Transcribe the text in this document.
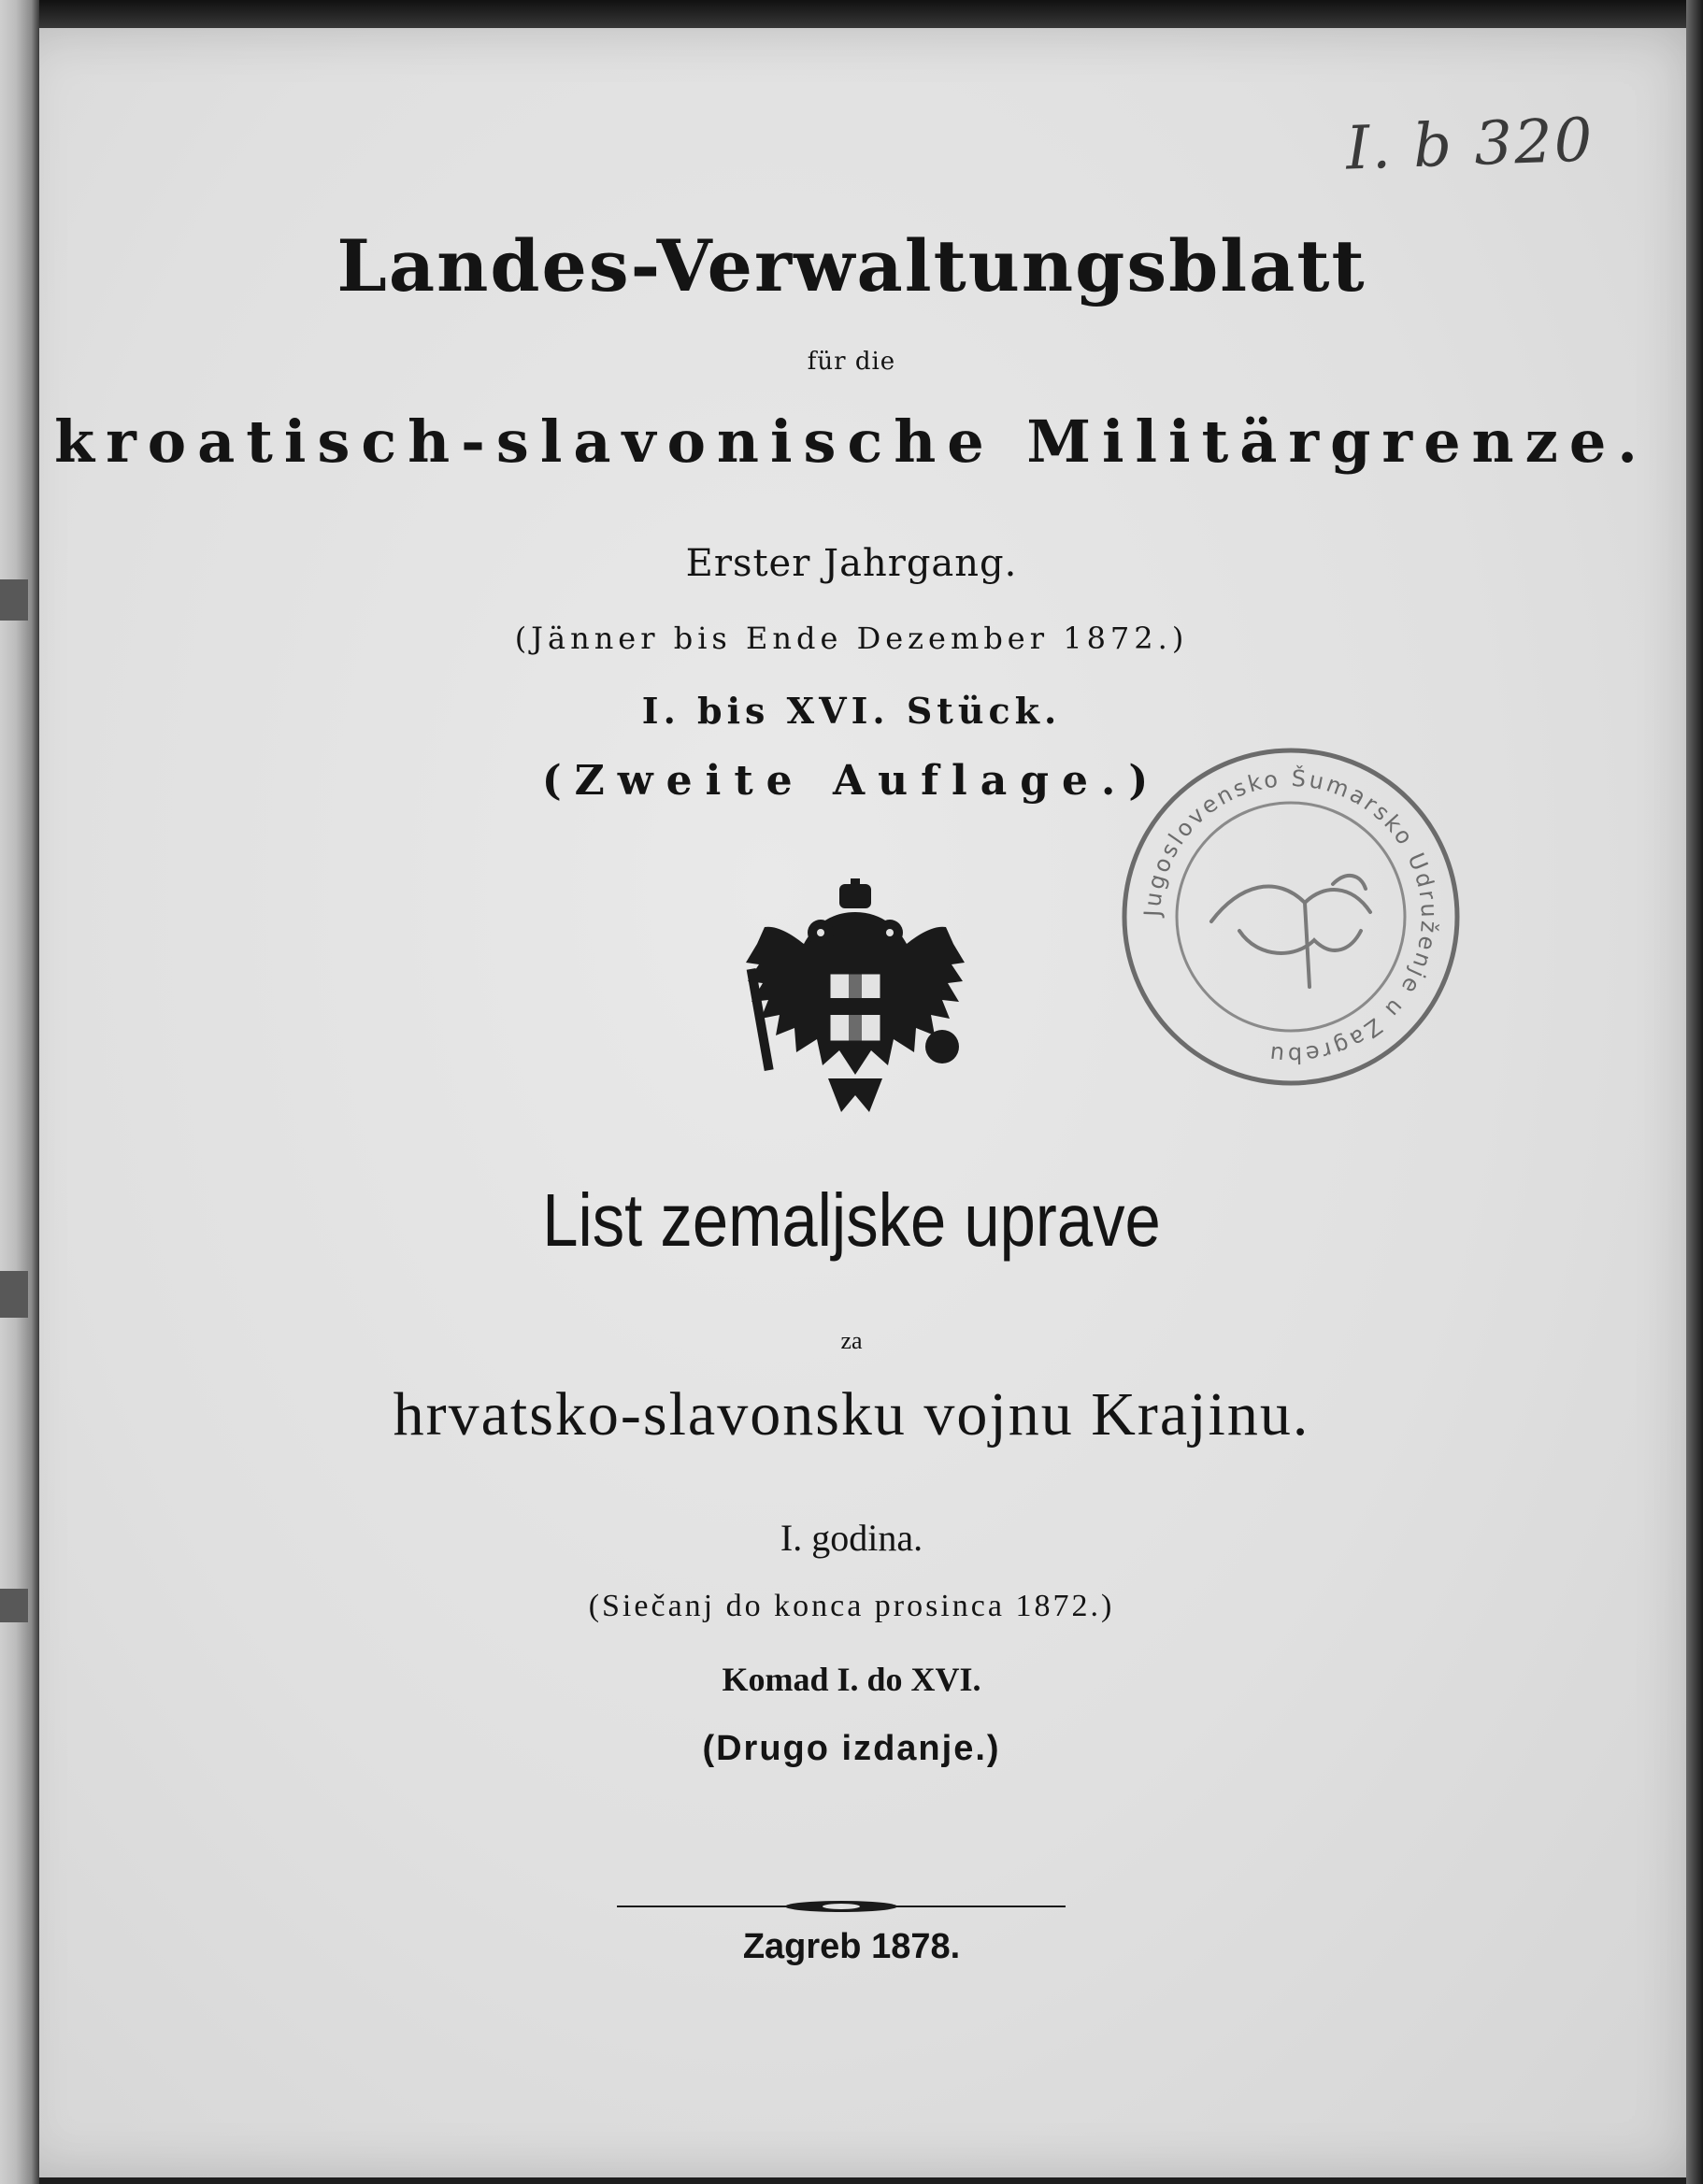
I. b 320
Landes-Verwaltungsblatt
für die
kroatisch-slavonische Militärgrenze.
Erster Jahrgang.
(Jänner bis Ende Dezember 1872.)
I. bis XVI. Stück.
(Zweite Auflage.)
Jugoslovensko Šumarsko Udruženje u Zagrebu
List zemaljske uprave
za
hrvatsko-slavonsku vojnu Krajinu.
I. godina.
(Siečanj do konca prosinca 1872.)
Komad I. do XVI.
(Drugo izdanje.)
Zagreb 1878.
